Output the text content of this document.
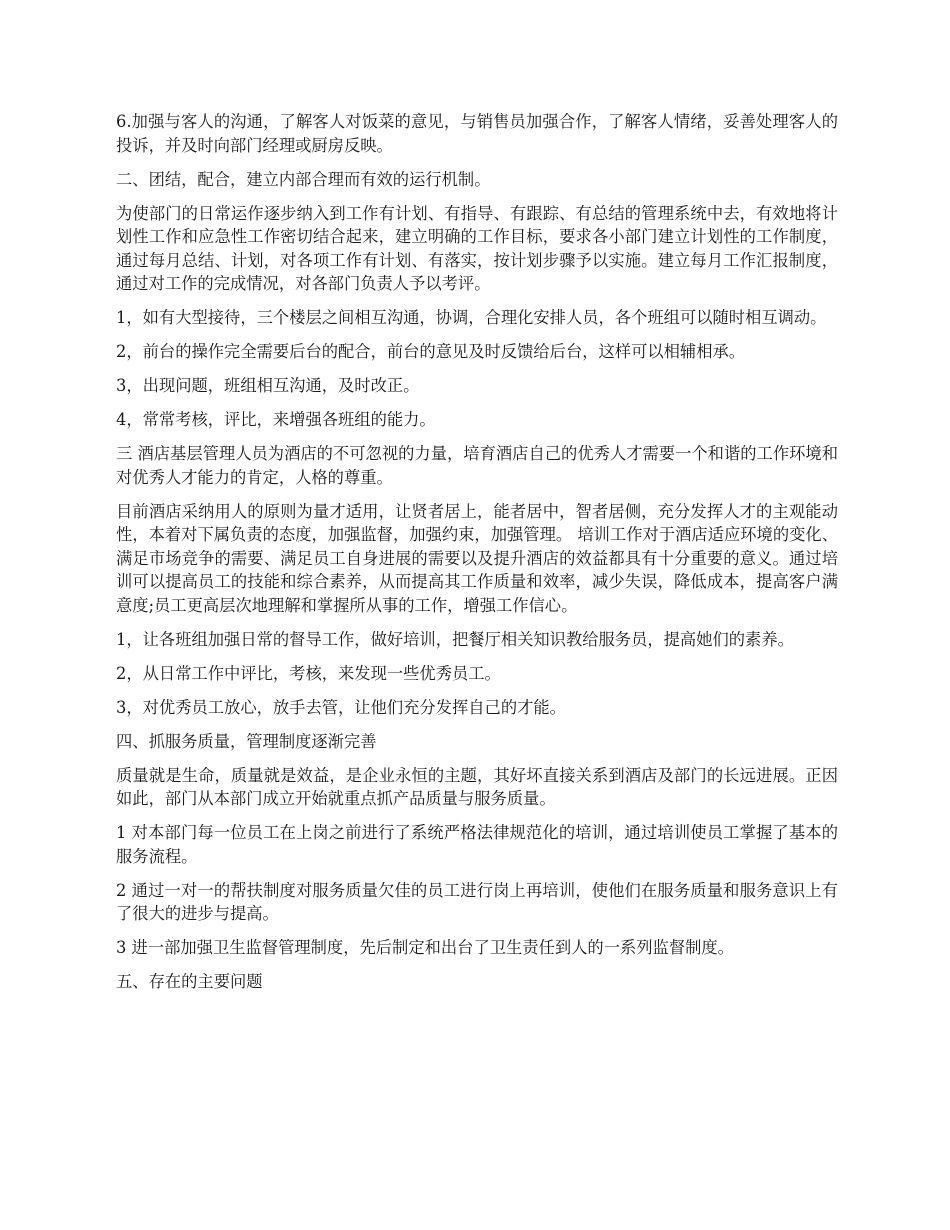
6.加强与客人的沟通，了解客人对饭菜的意见，与销售员加强合作，了解客人情绪，妥善处理客人的投诉，并及时向部门经理或厨房反映。

二、团结，配合，建立内部合理而有效的运行机制。

为使部门的日常运作逐步纳入到工作有计划、有指导、有跟踪、有总结的管理系统中去，有效地将计划性工作和应急性工作密切结合起来，建立明确的工作目标，要求各小部门建立计划性的工作制度，通过每月总结、计划，对各项工作有计划、有落实，按计划步骤予以实施。建立每月工作汇报制度，通过对工作的完成情况，对各部门负责人予以考评。

1，如有大型接待，三个楼层之间相互沟通，协调，合理化安排人员，各个班组可以随时相互调动。

2，前台的操作完全需要后台的配合，前台的意见及时反馈给后台，这样可以相辅相承。

3，出现问题，班组相互沟通，及时改正。

4，常常考核，评比，来增强各班组的能力。

三 酒店基层管理人员为酒店的不可忽视的力量，培育酒店自己的优秀人才需要一个和谐的工作环境和对优秀人才能力的肯定，人格的尊重。

目前酒店采纳用人的原则为量才适用，让贤者居上，能者居中，智者居侧，充分发挥人才的主观能动性，本着对下属负责的态度，加强监督，加强约束，加强管理。 培训工作对于酒店适应环境的变化、满足市场竞争的需要、满足员工自身进展的需要以及提升酒店的效益都具有十分重要的意义。通过培训可以提高员工的技能和综合素养，从而提高其工作质量和效率，减少失误，降低成本，提高客户满意度;员工更高层次地理解和掌握所从事的工作，增强工作信心。

1，让各班组加强日常的督导工作，做好培训，把餐厅相关知识教给服务员，提高她们的素养。

2，从日常工作中评比，考核，来发现一些优秀员工。

3，对优秀员工放心，放手去管，让他们充分发挥自己的才能。

四、抓服务质量，管理制度逐渐完善

质量就是生命，质量就是效益，是企业永恒的主题，其好坏直接关系到酒店及部门的长远进展。正因如此，部门从本部门成立开始就重点抓产品质量与服务质量。

1 对本部门每一位员工在上岗之前进行了系统严格法律规范化的培训，通过培训使员工掌握了基本的服务流程。

2 通过一对一的帮扶制度对服务质量欠佳的员工进行岗上再培训，使他们在服务质量和服务意识上有了很大的进步与提高。

3 进一部加强卫生监督管理制度，先后制定和出台了卫生责任到人的一系列监督制度。

五、存在的主要问题
